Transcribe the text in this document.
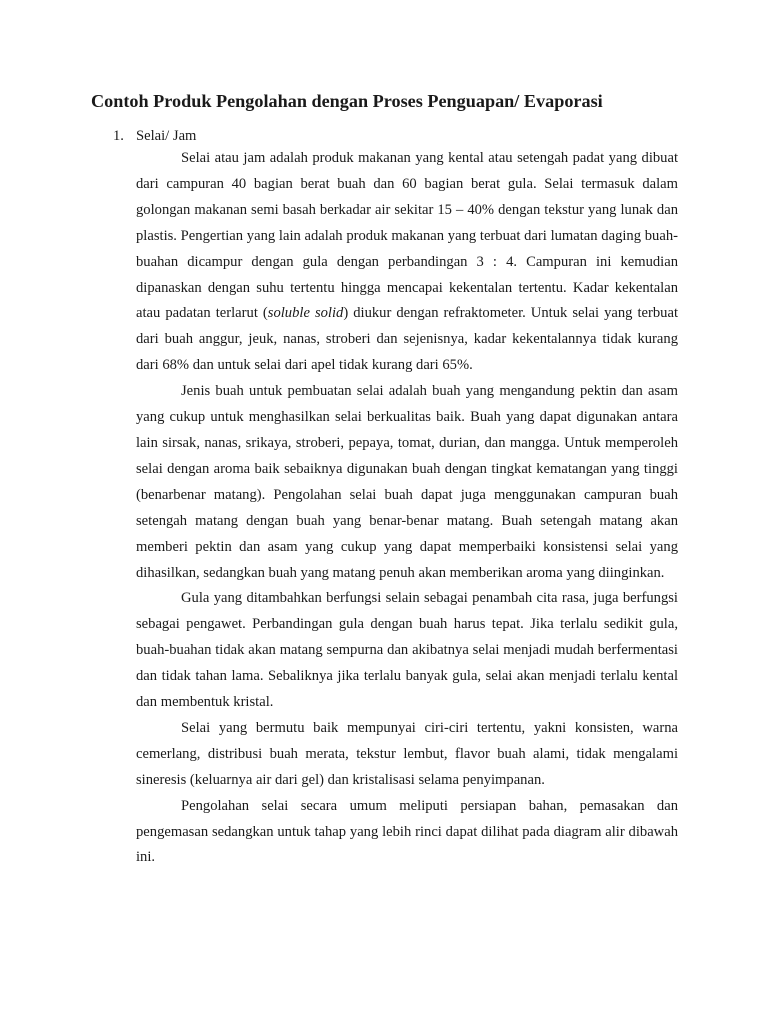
Contoh Produk Pengolahan dengan Proses Penguapan/ Evaporasi
1. Selai/ Jam

Selai atau jam adalah produk makanan yang kental atau setengah padat yang dibuat dari campuran 40 bagian berat buah dan 60 bagian berat gula. Selai termasuk dalam golongan makanan semi basah berkadar air sekitar 15 – 40% dengan tekstur yang lunak dan plastis. Pengertian yang lain adalah produk makanan yang terbuat dari lumatan daging buah-buahan dicampur dengan gula dengan perbandingan 3 : 4. Campuran ini kemudian dipanaskan dengan suhu tertentu hingga mencapai kekentalan tertentu. Kadar kekentalan atau padatan terlarut (soluble solid) diukur dengan refraktometer. Untuk selai yang terbuat dari buah anggur, jeuk, nanas, stroberi dan sejenisnya, kadar kekentalannya tidak kurang dari 68% dan untuk selai dari apel tidak kurang dari 65%.

Jenis buah untuk pembuatan selai adalah buah yang mengandung pektin dan asam yang cukup untuk menghasilkan selai berkualitas baik. Buah yang dapat digunakan antara lain sirsak, nanas, srikaya, stroberi, pepaya, tomat, durian, dan mangga. Untuk memperoleh selai dengan aroma baik sebaiknya digunakan buah dengan tingkat kematangan yang tinggi (benarbenar matang). Pengolahan selai buah dapat juga menggunakan campuran buah setengah matang dengan buah yang benar-benar matang. Buah setengah matang akan memberi pektin dan asam yang cukup yang dapat memperbaiki konsistensi selai yang dihasilkan, sedangkan buah yang matang penuh akan memberikan aroma yang diinginkan.

Gula yang ditambahkan berfungsi selain sebagai penambah cita rasa, juga berfungsi sebagai pengawet. Perbandingan gula dengan buah harus tepat. Jika terlalu sedikit gula, buah-buahan tidak akan matang sempurna dan akibatnya selai menjadi mudah berfermentasi dan tidak tahan lama. Sebaliknya jika terlalu banyak gula, selai akan menjadi terlalu kental dan membentuk kristal.

Selai yang bermutu baik mempunyai ciri-ciri tertentu, yakni konsisten, warna cemerlang, distribusi buah merata, tekstur lembut, flavor buah alami, tidak mengalami sineresis (keluarnya air dari gel) dan kristalisasi selama penyimpanan.

Pengolahan selai secara umum meliputi persiapan bahan, pemasakan dan pengemasan sedangkan untuk tahap yang lebih rinci dapat dilihat pada diagram alir dibawah ini.
